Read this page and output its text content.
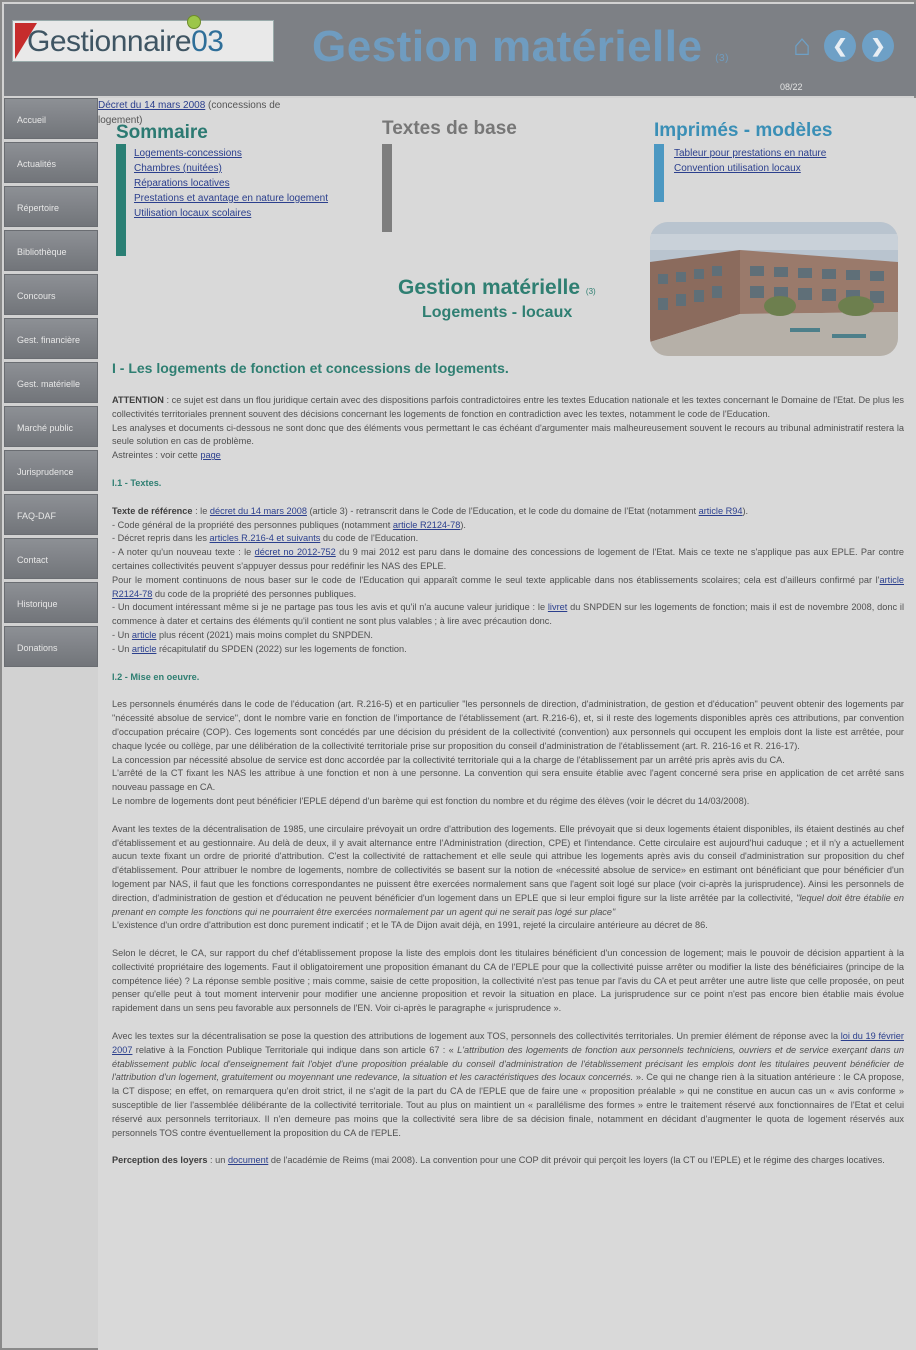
Gestionnaire03 Gestion matérielle (3) ⌂	❮	❯
08/22
Accueil
Actualités
Répertoire
Bibliothèque
Concours
Gest. financière
Gest. matérielle
Marché public
Jurisprudence
FAQ-DAF
Contact
Historique
Donations
Sommaire
Logements-concessions
Chambres (nuitées)
Réparations locatives
Prestations et avantage en nature logement
Utilisation locaux scolaires
Textes de base
Décret du 14 mars 2008 (concessions de logement)	Imprimés - modèles
Tableur pour prestations en nature
Convention utilisation locaux
Gestion matérielle (3)
Logements - locaux
I - Les logements de fonction et concessions de logements.

ATTENTION : ce sujet est dans un flou juridique certain avec des dispositions parfois contradictoires entre les textes Education nationale et les textes concernant le Domaine de l'Etat. De plus les collectivités territoriales prennent souvent des décisions concernant les logements de fonction en contradiction avec les textes, notamment le code de l'Education.

Les analyses et documents ci-dessous ne sont donc que des éléments vous permettant le cas échéant d'argumenter mais malheureusement souvent le recours au tribunal administratif restera la seule solution en cas de problème.

Astreintes : voir cette page

I.1 - Textes.

Texte de référence : le décret du 14 mars 2008 (article 3) - retranscrit dans le Code de l'Education, et le code du domaine de l'Etat (notamment article R94).

- Code général de la propriété des personnes publiques (notamment article R2124-78).

- Décret repris dans les articles R.216-4 et suivants du code de l'Education.

- A noter qu'un nouveau texte : le décret no 2012-752 du 9 mai 2012 est paru dans le domaine des concessions de logement de l'Etat. Mais ce texte ne s'applique pas aux EPLE. Par contre certaines collectivités peuvent s'appuyer dessus pour redéfinir les NAS des EPLE.

Pour le moment continuons de nous baser sur le code de l'Education qui apparaît comme le seul texte applicable dans nos établissements scolaires; cela est d'ailleurs confirmé par l'article R2124-78 du code de la propriété des personnes publiques.

- Un document intéressant même si je ne partage pas tous les avis et qu'il n'a aucune valeur juridique : le livret du SNPDEN sur les logements de fonction; mais il est de novembre 2008, donc il commence à dater et certains des éléments qu'il contient ne sont plus valables ; à lire avec précaution donc.

- Un article plus récent (2021) mais moins complet du SNPDEN.

- Un article récapitulatif du SPDEN (2022) sur les logements de fonction.

I.2 - Mise en oeuvre.

Les personnels énumérés dans le code de l'éducation (art. R.216-5) et en particulier "les personnels de direction, d'administration, de gestion et d'éducation" peuvent obtenir des logements par "nécessité absolue de service", dont le nombre varie en fonction de l'importance de l'établissement (art. R.216-6), et, si il reste des logements disponibles après ces attributions, par convention d'occupation précaire (COP). Ces logements sont concédés par une décision du président de la collectivité (convention) aux personnels qui occupent les emplois dont la liste est arrêtée, pour chaque lycée ou collège, par une délibération de la collectivité territoriale prise sur proposition du conseil d'administration de l'établissement (art. R. 216-16 et R. 216-17).

La concession par nécessité absolue de service est donc accordée par la collectivité territoriale qui a la charge de l'établissement par un arrêté pris après avis du CA.

L'arrêté de la CT fixant les NAS les attribue à une fonction et non à une personne. La convention qui sera ensuite établie avec l'agent concerné sera prise en application de cet arrêté sans nouveau passage en CA.

Le nombre de logements dont peut bénéficier l'EPLE dépend d'un barème qui est fonction du nombre et du régime des élèves (voir le décret du 14/03/2008).

Avant les textes de la décentralisation de 1985, une circulaire prévoyait un ordre d'attribution des logements. Elle prévoyait que si deux logements étaient disponibles, ils étaient destinés au chef d'établissement et au gestionnaire. Au delà de deux, il y avait alternance entre l'Administration (direction, CPE) et l'intendance. Cette circulaire est aujourd'hui caduque ; et il n'y a actuellement aucun texte fixant un ordre de priorité d'attribution. C'est la collectivité de rattachement et elle seule qui attribue les logements après avis du conseil d'administration sur proposition du chef d'établissement. Pour attribuer le nombre de logements, nombre de collectivités se basent sur la notion de «nécessité absolue de service» en estimant ont bénéficiant que pour bénéficier d'un logement par NAS, il faut que les fonctions correspondantes ne puissent être exercées normalement sans que l'agent soit logé sur place (voir ci-après la jurisprudence). Ainsi les personnels de direction, d'administration de gestion et d'éducation ne peuvent bénéficier d'un logement dans un EPLE que si leur emploi figure sur la liste arrêtée par la collectivité, "lequel doit être établie en prenant en compte les fonctions qui ne pourraient être exercées normalement par un agent qui ne serait pas logé sur place"

L'existence d'un ordre d'attribution est donc purement indicatif ; et le TA de Dijon avait déjà, en 1991, rejeté la circulaire antérieure au décret de 86.

Selon le décret, le CA, sur rapport du chef d'établissement propose la liste des emplois dont les titulaires bénéficient d'un concession de logement; mais le pouvoir de décision appartient à la collectivité propriétaire des logements. Faut il obligatoirement une proposition émanant du CA de l'EPLE pour que la collectivité puisse arrêter ou modifier la liste des bénéficiaires (principe de la compétence liée) ? La réponse semble positive ; mais comme, saisie de cette proposition, la collectivité n'est pas tenue par l'avis du CA et peut arrêter une autre liste que celle proposée, on peut penser qu'elle peut à tout moment intervenir pour modifier une ancienne proposition et revoir la situation en place. La jurisprudence sur ce point n'est pas encore bien établie mais évolue rapidement dans un sens peu favorable aux personnels de l'EN. Voir ci-après le paragraphe « jurisprudence ».

Avec les textes sur la décentralisation se pose la question des attributions de logement aux TOS, personnels des collectivités territoriales. Un premier élément de réponse avec la loi du 19 février 2007 relative à la Fonction Publique Territoriale qui indique dans son article 67 : « L'attribution des logements de fonction aux personnels techniciens, ouvriers et de service exerçant dans un établissement public local d'enseignement fait l'objet d'une proposition préalable du conseil d'administration de l'établissement précisant les emplois dont les titulaires peuvent bénéficier de l'attribution d'un logement, gratuitement ou moyennant une redevance, la situation et les caractéristiques des locaux concernés. ». Ce qui ne change rien à la situation antérieure : le CA propose, la CT dispose; en effet, on remarquera qu'en droit strict, il ne s'agit de la part du CA de l'EPLE que de faire une « proposition préalable » qui ne constitue en aucun cas un « avis conforme » susceptible de lier l'assemblée délibérante de la collectivité territoriale. Tout au plus on maintient un « parallélisme des formes » entre le traitement réservé aux fonctionnaires de l'Etat et celui réservé aux personnels territoriaux. Il n'en demeure pas moins que la collectivité sera libre de sa décision finale, notamment en décidant d'augmenter le quota de logement réservés aux personnels TOS contre éventuellement la proposition du CA de l'EPLE.

Perception des loyers : un document de l'académie de Reims (mai 2008). La convention pour une COP dit prévoir qui perçoit les loyers (la CT ou l'EPLE) et le régime des charges locatives.
